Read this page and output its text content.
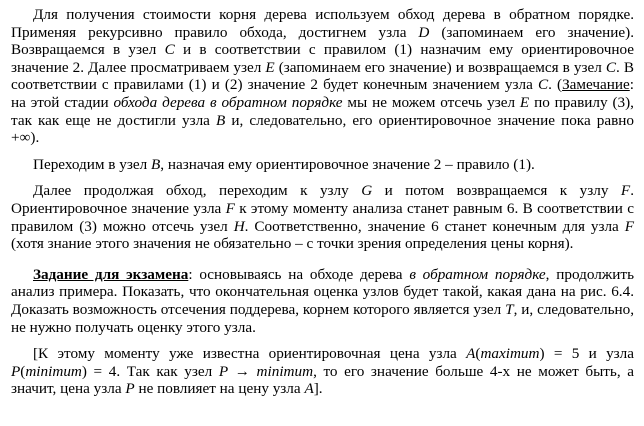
Для получения стоимости корня дерева используем обход дерева в обратном порядке. Применяя рекурсивно правило обхода, достигнем узла D (запоминаем его значение). Возвращаемся в узел C и в соответствии с правилом (1) назначим ему ориентировочное значение 2. Далее просматриваем узел E (запоминаем его значение) и возвращаемся в узел C. В соответствии с правилами (1) и (2) значение 2 будет конечным значением узла C. (Замечание: на этой стадии обхода дерева в обратном порядке мы не можем отсечь узел E по правилу (3), так как еще не достигли узла B и, следовательно, его ориентировочное значение пока равно +∞).

Переходим в узел B, назначая ему ориентировочное значение 2 – правило (1).

Далее продолжая обход, переходим к узлу G и потом возвращаемся к узлу F. Ориентировочное значение узла F к этому моменту анализа станет равным 6. В соответствии с правилом (3) можно отсечь узел H. Соответственно, значение 6 станет конечным для узла F (хотя знание этого значения не обязательно – с точки зрения определения цены корня).

Задание для экзамена: основываясь на обходе дерева в обратном порядке, продолжить анализ примера. Показать, что окончательная оценка узлов будет такой, какая дана на рис. 6.4. Доказать возможность отсечения поддерева, корнем которого является узел T, и, следовательно, не нужно получать оценку этого узла.

[К этому моменту уже известна ориентировочная цена узла A(maximum) = 5 и узла P(minimum) = 4. Так как узел P → minimum, то его значение больше 4-х не может быть, а значит, цена узла P не повлияет на цену узла A].
